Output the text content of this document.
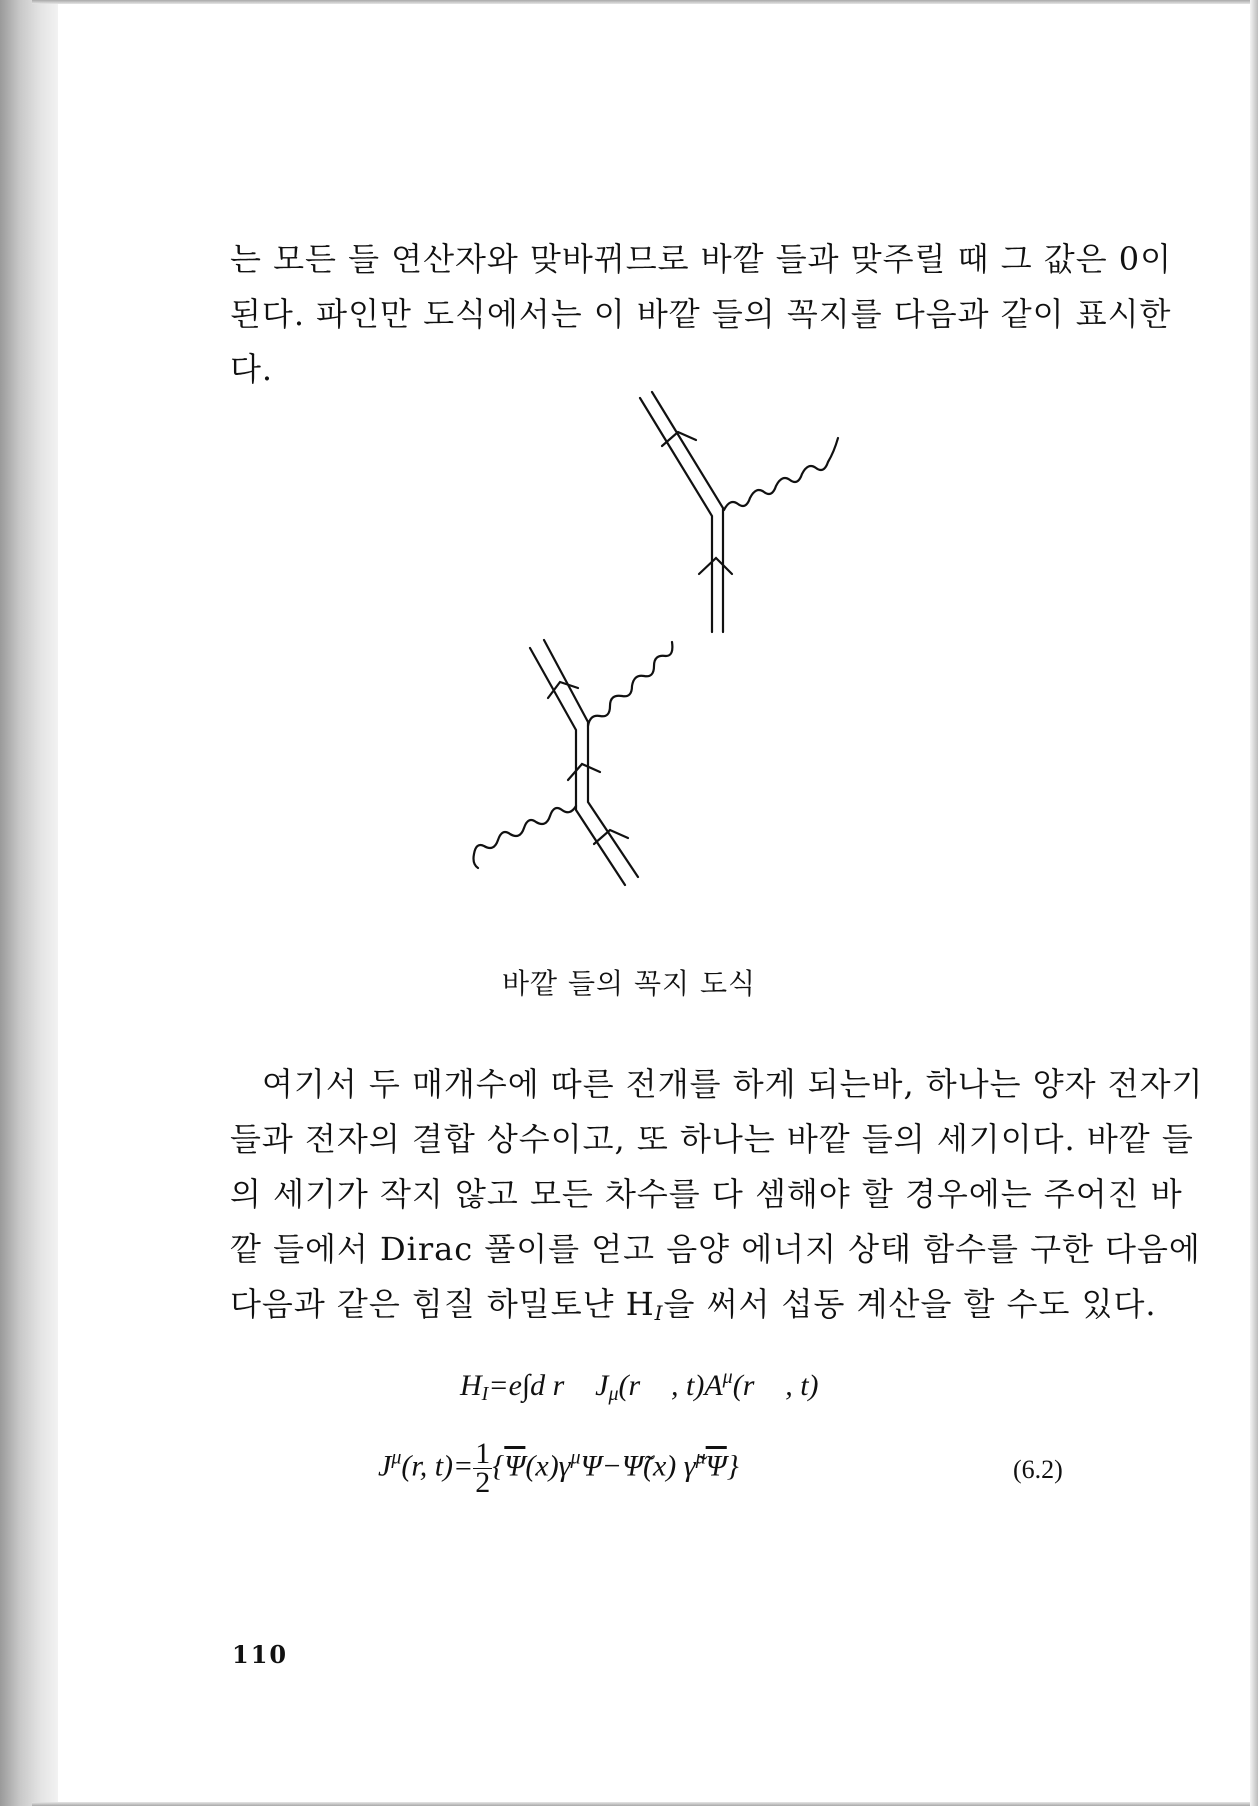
는 모든 들 연산자와 맞바뀌므로 바깥 들과 맞주릴 때 그 값은 0이
된다. 파인만 도식에서는 이 바깥 들의 꼭지를 다음과 같이 표시한
다.
바깥 들의 꼭지 도식
여기서 두 매개수에 따른 전개를 하게 되는바, 하나는 양자 전자기
들과 전자의 결합 상수이고, 또 하나는 바깥 들의 세기이다. 바깥 들
의 세기가 작지 않고 모든 차수를 다 셈해야 할 경우에는 주어진 바
깥 들에서 Dirac 풀이를 얻고 음양 에너지 상태 함수를 구한 다음에
다음과 같은 힘질 하밀토냔 $H_I$을 써서 섭동 계산을 할 수도 있다.
$H_I=e\int d$ r⃗ $J_\mu(r⃗$ , $t)A^\mu(r⃗$ , t)
$J^\mu(r$, $t)= \frac{1}{2}$ {$\overline{\Psi}(x)\gamma^\mu\Psi-\Psĩ(x)$ $\gammã^\mu\overline{\Psi}$}	(6.2)
110
